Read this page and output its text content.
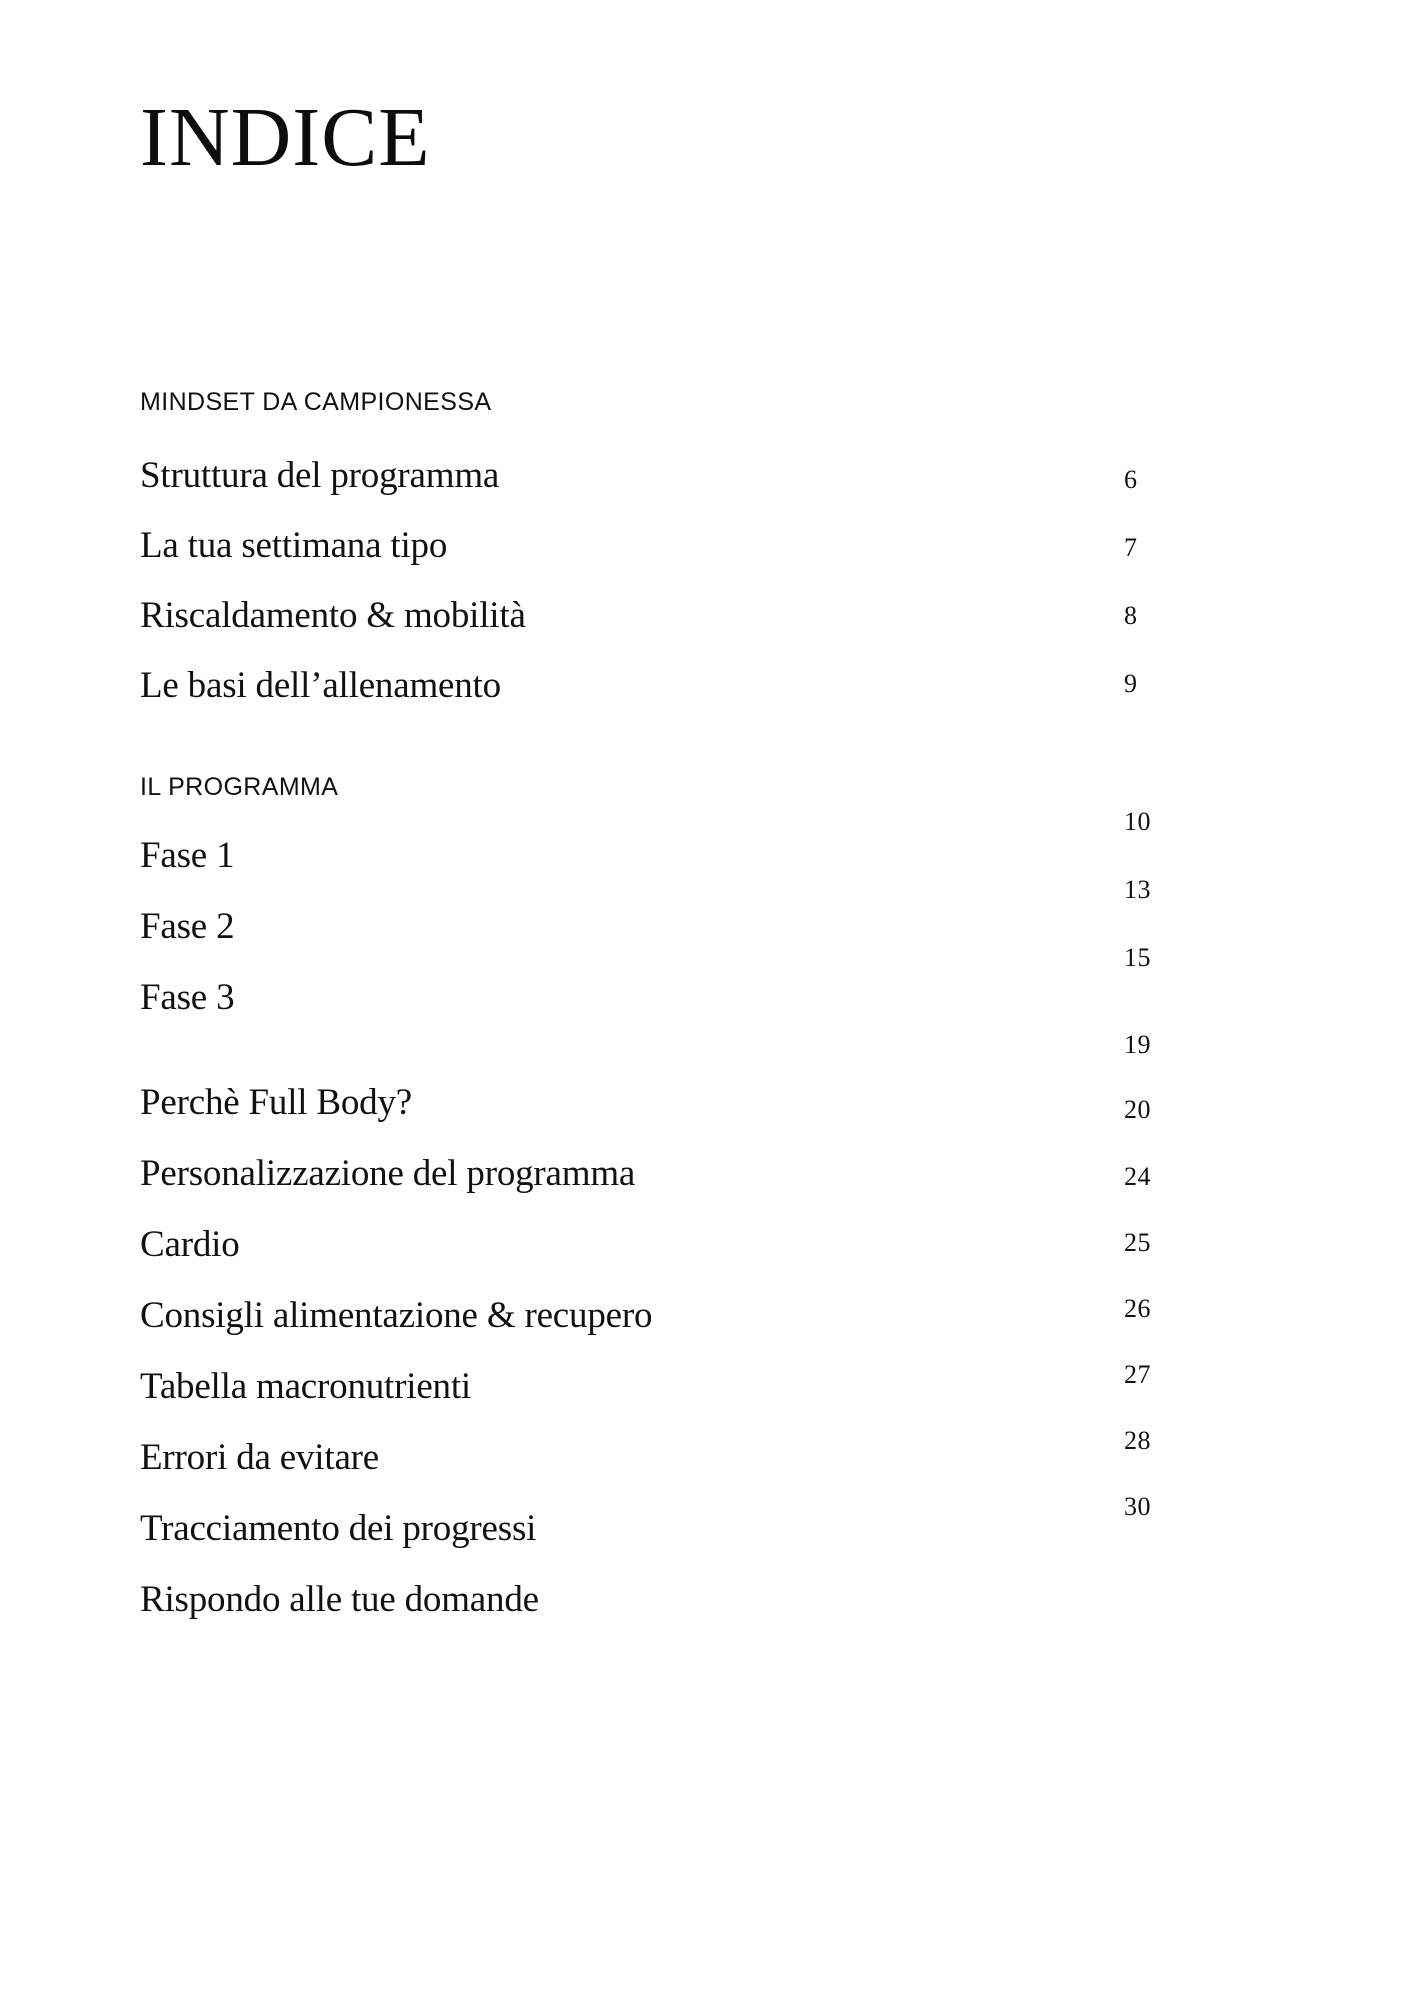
INDICE
MINDSET DA CAMPIONESSA
Struttura del programma
La tua settimana tipo
Riscaldamento & mobilità
Le basi dell’allenamento
IL PROGRAMMA
Fase 1
Fase 2
Fase 3
Perchè Full Body?
Personalizzazione del programma
Cardio
Consigli alimentazione & recupero
Tabella macronutrienti
Errori da evitare
Tracciamento dei progressi
Rispondo alle tue domande
6
7
8
9
10
13
15
19
20
24
25
26
27
28
30
